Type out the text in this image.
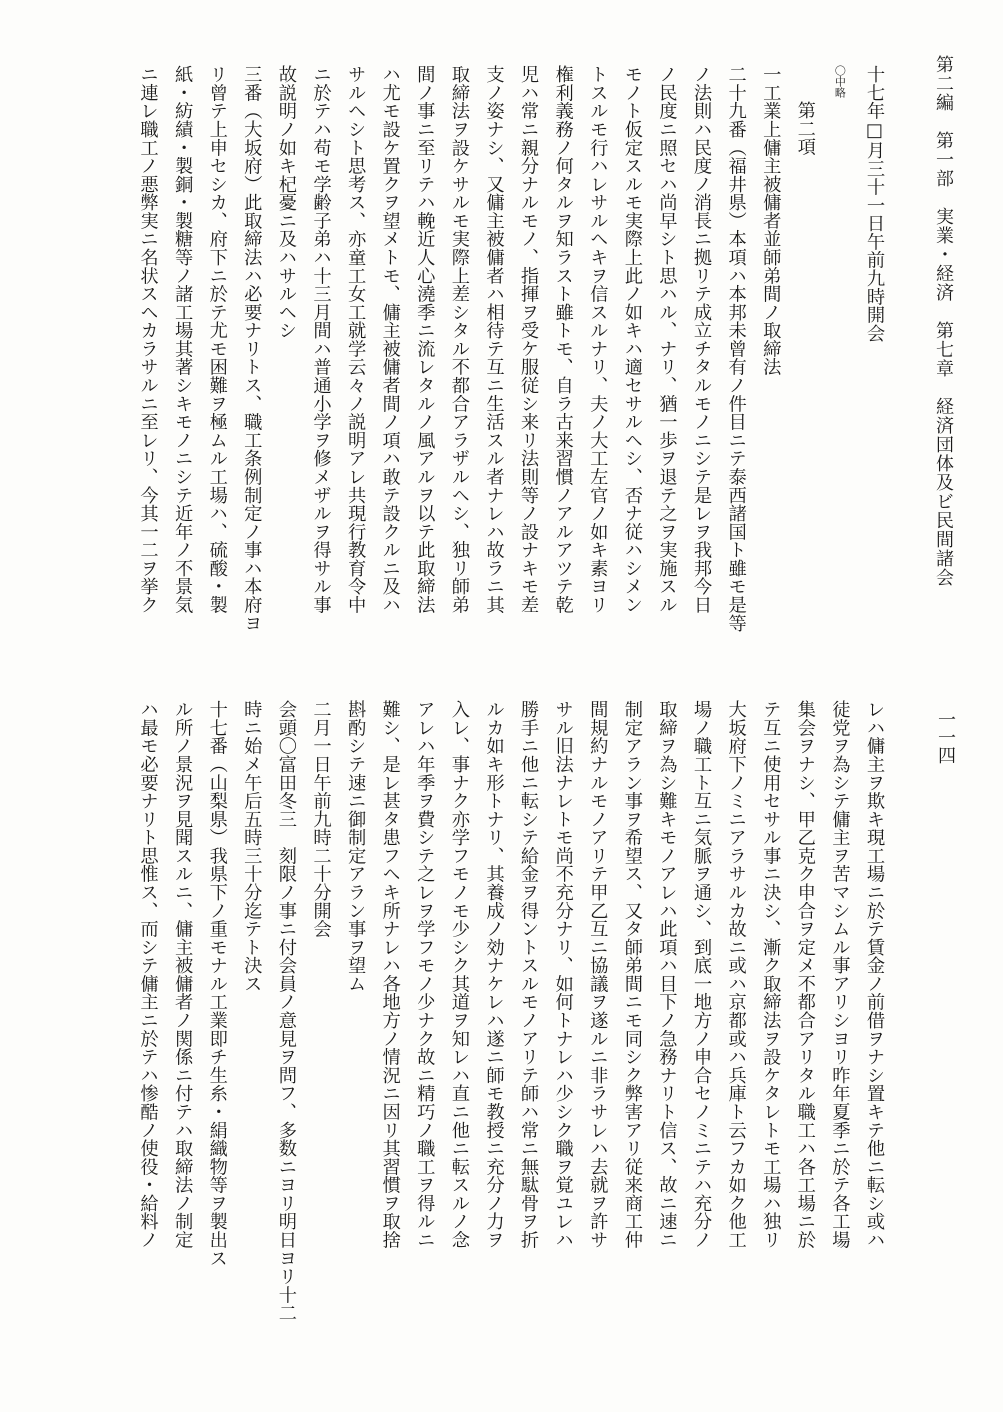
第二編　第一部　実業・経済　第七章　経済団体及ビ民間諸会
一一四
十七年□月三十一日午前九時開会
〇中略
第二項
一工業上傭主被傭者並師弟間ノ取締法
二十九番（福井県）本項ハ本邦未曾有ノ件目ニテ泰西諸国ト雖モ是等
ノ法則ハ民度ノ消長ニ拠リテ成立チタルモノニシテ是レヲ我邦今日
ノ民度ニ照セハ尚早シト思ハル、ナリ、猶一歩ヲ退テ之ヲ実施スル
モノト仮定スルモ実際上此ノ如キハ適セサルヘシ、否ナ従ハシメン
トスルモ行ハレサルヘキヲ信スルナリ、夫ノ大工左官ノ如キ素ヨリ
権利義務ノ何タルヲ知ラスト雖トモ、自ラ古来習慣ノアルアツテ乾
児ハ常ニ親分ナルモノ、指揮ヲ受ケ服従シ来リ法則等ノ設ナキモ差
支ノ姿ナシ、又傭主被傭者ハ相待テ互ニ生活スル者ナレハ故ラニ其
取締法ヲ設ケサルモ実際上差シタル不都合アラザルヘシ、独リ師弟
間ノ事ニ至リテハ輓近人心澆季ニ流レタルノ風アルヲ以テ此取締法
ハ尤モ設ケ置クヲ望メトモ、傭主被傭者間ノ項ハ敢テ設クルニ及ハ
サルヘシト思考ス、亦童工女工就学云々ノ説明アレ共現行教育令中
ニ於テハ苟モ学齢子弟ハ十三月間ハ普通小学ヲ修メザルヲ得サル事
故説明ノ如キ杞憂ニ及ハサルヘシ
三番（大坂府）此取締法ハ必要ナリトス、職工条例制定ノ事ハ本府ヨ
リ曾テ上申セシカ、府下ニ於テ尤モ困難ヲ極ムル工場ハ、硫酸・製
紙・紡績・製銅・製糖等ノ諸工場其著シキモノニシテ近年ノ不景気
ニ連レ職工ノ悪弊実ニ名状スヘカラサルニ至レリ、今其一二ヲ挙ク
レハ傭主ヲ欺キ現工場ニ於テ賃金ノ前借ヲナシ置キテ他ニ転シ或ハ
徒党ヲ為シテ傭主ヲ苦マシムル事アリシヨリ昨年夏季ニ於テ各工場
集会ヲナシ、甲乙克ク申合ヲ定メ不都合アリタル職工ハ各工場ニ於
テ互ニ使用セサル事ニ決シ、漸ク取締法ヲ設ケタレトモ工場ハ独リ
大坂府下ノミニアラサルカ故ニ或ハ京都或ハ兵庫ト云フカ如ク他工
場ノ職工ト互ニ気脈ヲ通シ、到底一地方ノ申合セノミニテハ充分ノ
取締ヲ為シ難キモノアレハ此項ハ目下ノ急務ナリト信ス、故ニ速ニ
制定アラン事ヲ希望ス、又タ師弟間ニモ同シク弊害アリ従来商工仲
間規約ナルモノアリテ甲乙互ニ協議ヲ遂ルニ非ラサレハ去就ヲ許サ
サル旧法ナレトモ尚不充分ナリ、如何トナレハ少シク職ヲ覚ユレハ
勝手ニ他ニ転シテ給金ヲ得ントスルモノアリテ師ハ常ニ無駄骨ヲ折
ルカ如キ形トナリ、其養成ノ効ナケレハ遂ニ師モ教授ニ充分ノ力ヲ
入レ、事ナク亦学フモノモ少シク其道ヲ知レハ直ニ他ニ転スルノ念
アレハ年季ヲ費シテ之レヲ学フモノ少ナク故ニ精巧ノ職工ヲ得ルニ
難シ、是レ甚タ患フヘキ所ナレハ各地方ノ情況ニ因リ其習慣ヲ取捨
斟酌シテ速ニ御制定アラン事ヲ望ム
二月一日午前九時二十分開会
会頭〇富田冬三　刻限ノ事ニ付会員ノ意見ヲ問フ、多数ニヨリ明日ヨリ十二
時ニ始メ午后五時三十分迄テト決ス
十七番（山梨県）我県下ノ重モナル工業即チ生糸・絹織物等ヲ製出ス
ル所ノ景況ヲ見聞スルニ、傭主被傭者ノ関係ニ付テハ取締法ノ制定
ハ最モ必要ナリト思惟ス、而シテ傭主ニ於テハ惨酷ノ使役・給料ノ
